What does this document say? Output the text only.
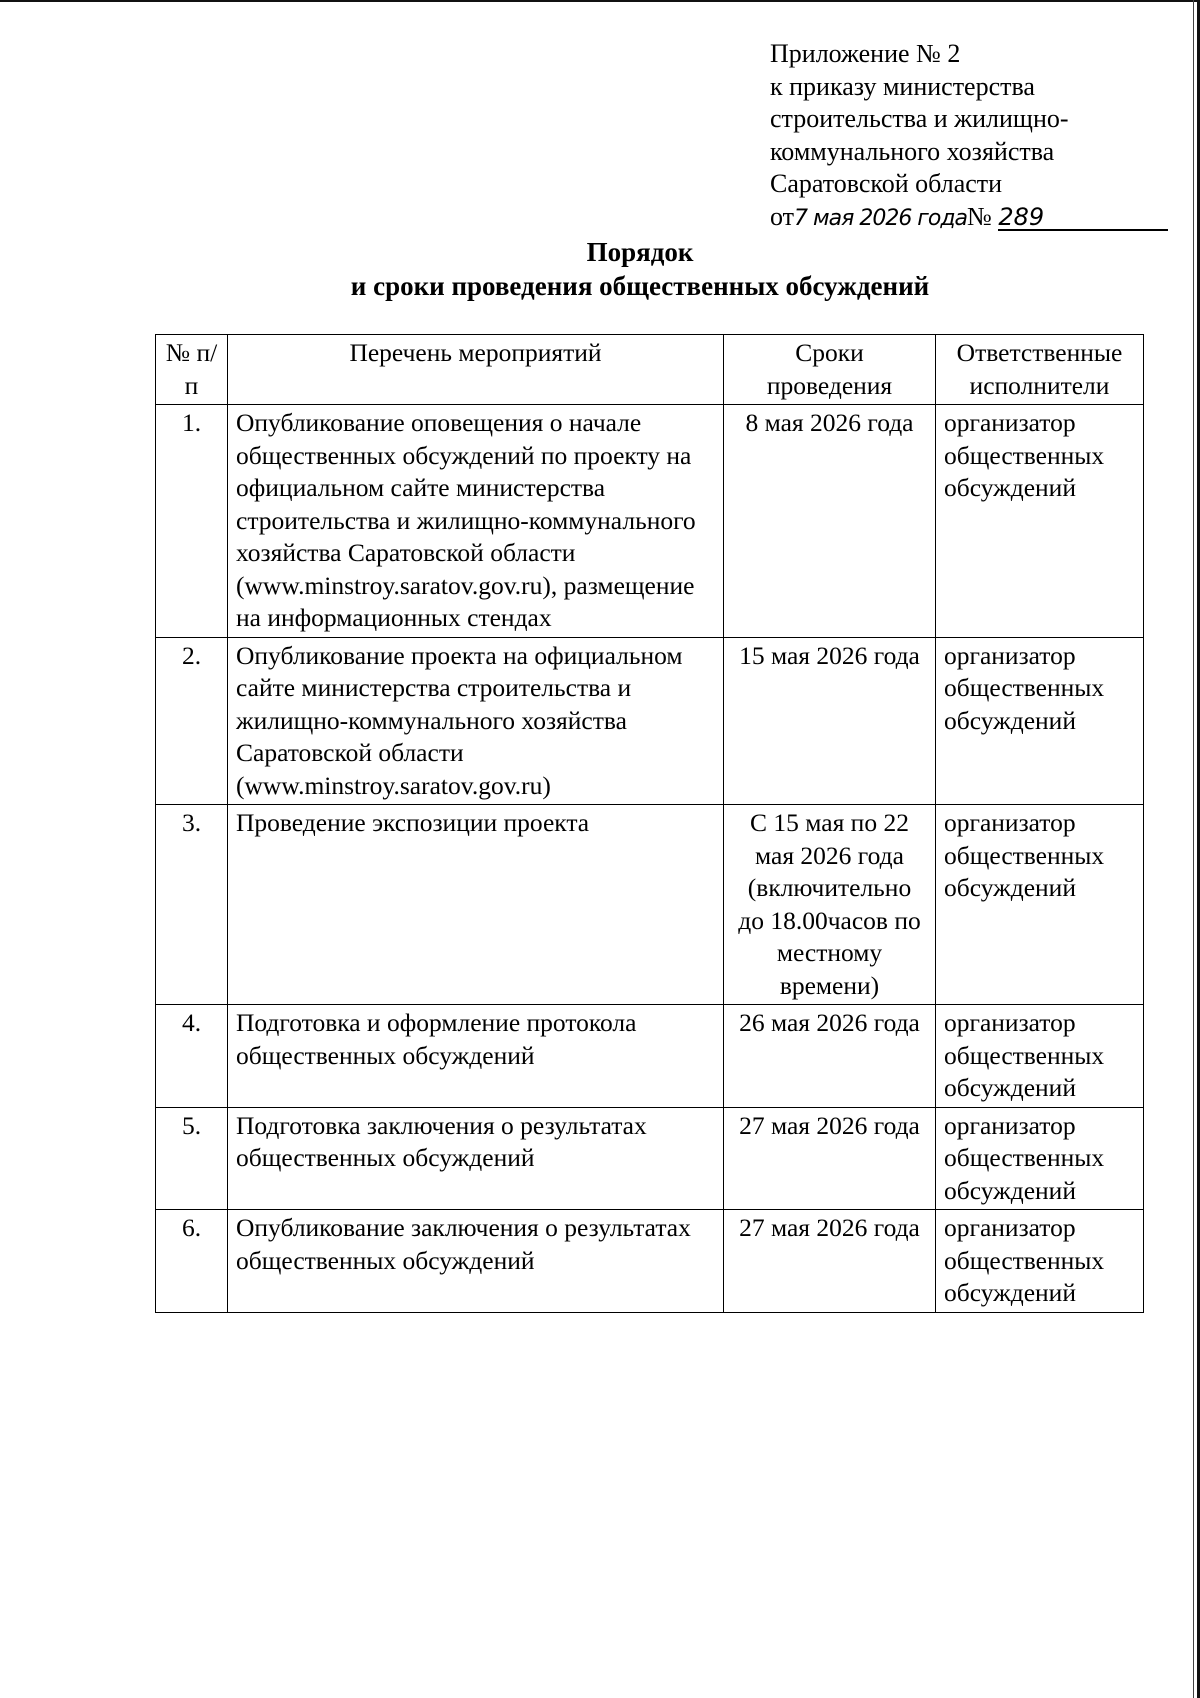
Приложение № 2
к приказу министерства
строительства и жилищно-
коммунального хозяйства
Саратовской области
от7 мая 2026 года№ 289
Порядок
и сроки проведения общественных обсуждений
№ п/п	Перечень мероприятий	Сроки проведения	Ответственные исполнители
1.	Опубликование оповещения о начале общественных обсуждений по проекту на официальном сайте министерства строительства и жилищно-коммунального хозяйства Саратовской области (www.minstroy.saratov.gov.ru), размещение на информационных стендах	8 мая 2026 года	организатор общественных обсуждений
2.	Опубликование проекта на официальном сайте министерства строительства и жилищно-коммунального хозяйства Саратовской области (www.minstroy.saratov.gov.ru)	15 мая 2026 года	организатор общественных обсуждений
3.	Проведение экспозиции проекта	С 15 мая по 22 мая 2026 года (включительно до 18.00часов по местному времени)	организатор общественных обсуждений
4.	Подготовка и оформление протокола общественных обсуждений	26 мая 2026 года	организатор общественных обсуждений
5.	Подготовка заключения о результатах общественных обсуждений	27 мая 2026 года	организатор общественных обсуждений
6.	Опубликование заключения о результатах общественных обсуждений	27 мая 2026 года	организатор общественных обсуждений
